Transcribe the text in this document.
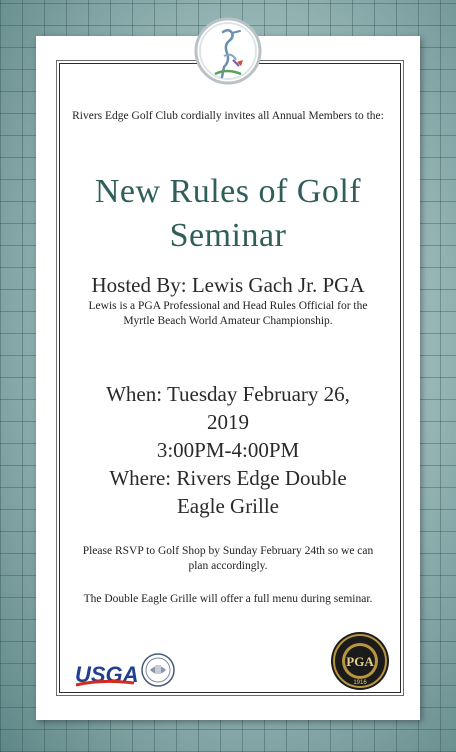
Rivers Edge Golf Club cordially invites all Annual Members to the:
New Rules of Golf
Seminar
Hosted By: Lewis Gach Jr. PGA
Lewis is a PGA Professional and Head Rules Official for the Myrtle Beach World Amateur Championship.
When: Tuesday February 26,
2019
3:00PM-4:00PM
Where: Rivers Edge Double
Eagle Grille
Please RSVP to Golf Shop by Sunday February 24th so we can plan accordingly.
The Double Eagle Grille will offer a full menu during seminar.
USGA
PGA
1916
